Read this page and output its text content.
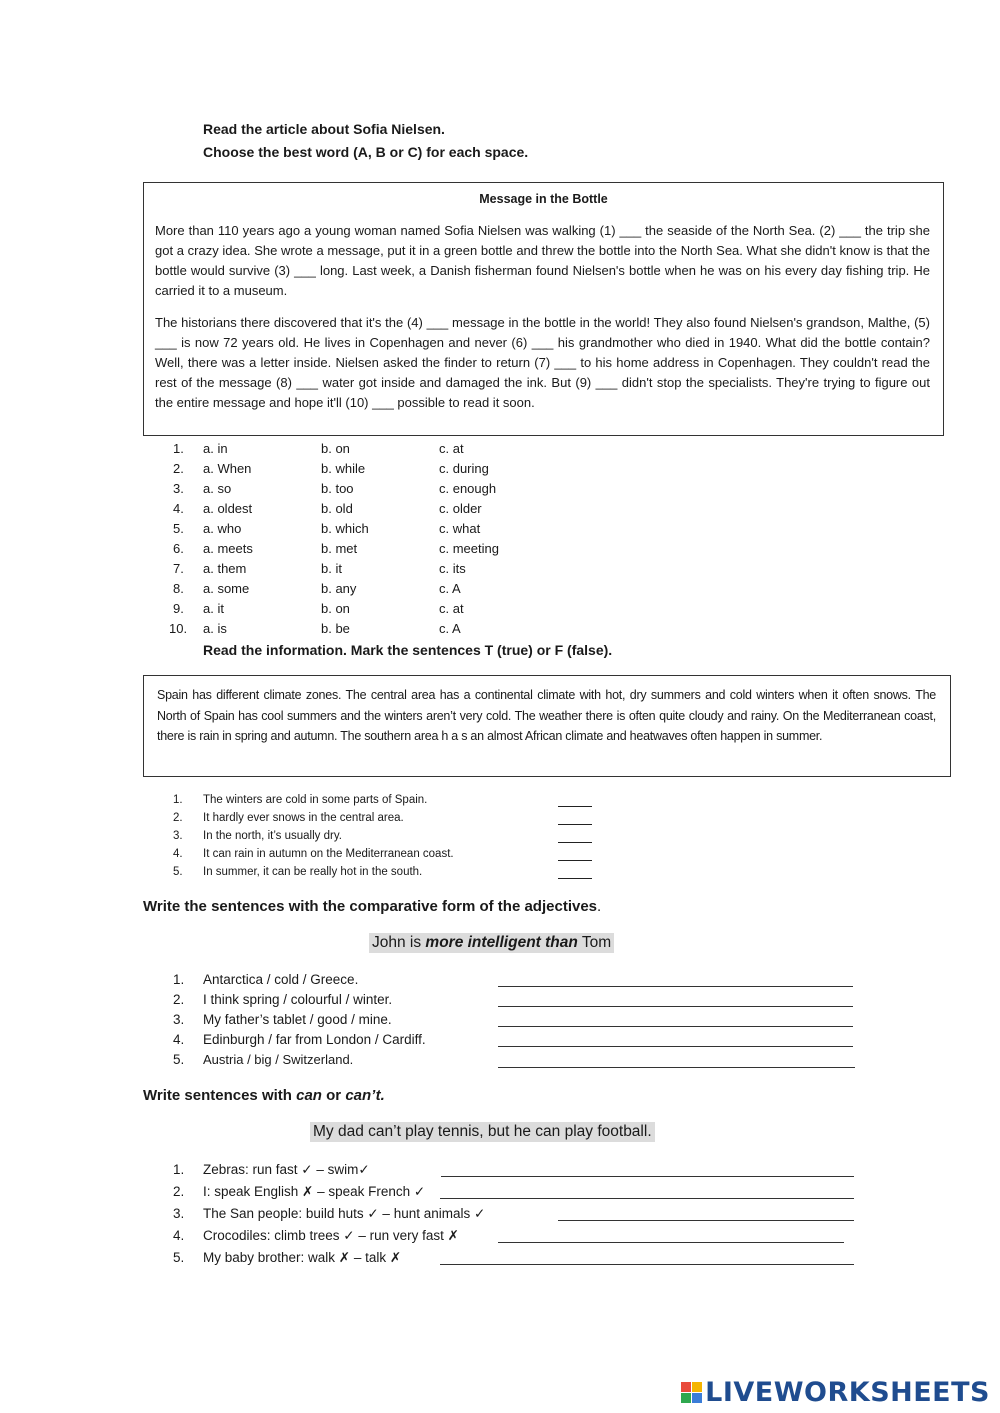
Read the article about Sofia Nielsen.
Choose the best word (A, B or C) for each space.
Message in the Bottle

More than 110 years ago a young woman named Sofia Nielsen was walking (1) ___ the seaside of the North Sea. (2) ___ the trip she got a crazy idea. She wrote a message, put it in a green bottle and threw the bottle into the North Sea. What she didn't know is that the bottle would survive (3) ___ long. Last week, a Danish fisherman found Nielsen's bottle when he was on his every day fishing trip. He carried it to a museum.

The historians there discovered that it's the (4) ___ message in the bottle in the world! They also found Nielsen's grandson, Malthe, (5) ___ is now 72 years old. He lives in Copenhagen and never (6) ___ his grandmother who died in 1940. What did the bottle contain? Well, there was a letter inside. Nielsen asked the finder to return (7) ___ to his home address in Copenhagen. They couldn't read the rest of the message (8) ___ water got inside and damaged the ink. But (9) ___ didn't stop the specialists. They're trying to figure out the entire message and hope it'll (10) ___ possible to read it soon.

1. a. in	b. on	c. at
2. a. When	b. while	c. during
3. a. so	b. too	c. enough
4. a. oldest	b. old	c. older
5. a. who	b. which	c. what
6. a. meets	b. met	c. meeting
7. a. them	b. it	c. its
8. a. some	b. any	c. A
9. a. it	b. on	c. at
10. a. is	b. be	c. A
Read the information. Mark the sentences T (true) or F (false).

Spain has different climate zones. The central area has a continental climate with hot, dry summers and cold winters when it often snows. The North of Spain has cool summers and the winters aren’t very cold. The weather there is often quite cloudy and rainy. On the Mediterranean coast, there is rain in spring and autumn. The southern area h a s an almost African climate and heatwaves often happen in summer.

1. The winters are cold in some parts of Spain.
2. It hardly ever snows in the central area.
3. In the north, it’s usually dry.
4. It can rain in autumn on the Mediterranean coast.
5. In summer, it can be really hot in the south.
Write the sentences with the comparative form of the adjectives.
John is more intelligent than Tom
1. Antarctica / cold / Greece.
2. I think spring / colourful / winter.
3. My father’s tablet / good / mine.
4. Edinburgh / far from London / Cardiff.
5. Austria / big / Switzerland.
Write sentences with can or can’t.
My dad can’t play tennis, but he can play football.
1. Zebras: run fast ✓ – swim✓
2. I: speak English ✗ – speak French ✓
3. The San people: build huts ✓ – hunt animals ✓
4. Crocodiles: climb trees ✓ – run very fast ✗
5. My baby brother: walk ✗ – talk ✗
LIVEWORKSHEETS
